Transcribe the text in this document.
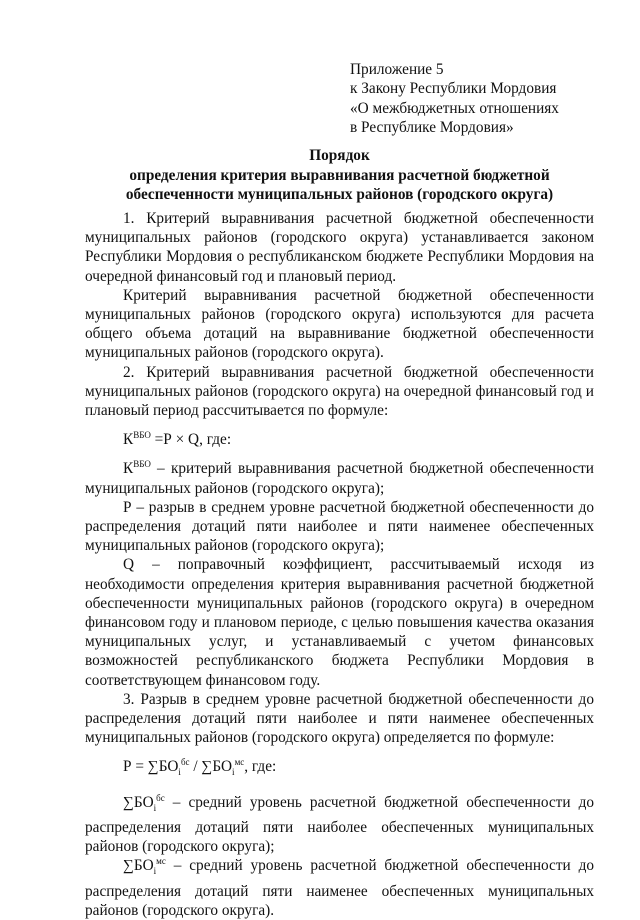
Приложение 5
к Закону Республики Мордовия
«О межбюджетных отношениях
в Республике Мордовия»
Порядок
определения критерия выравнивания расчетной бюджетной
обеспеченности муниципальных районов (городского округа)

1. Критерий выравнивания расчетной бюджетной обеспеченности муниципальных районов (городского округа) устанавливается законом Республики Мордовия о республиканском бюджете Республики Мордовия на очередной финансовый год и плановый период.

Критерий выравнивания расчетной бюджетной обеспеченности муниципальных районов (городского округа) используются для расчета общего объема дотаций на выравнивание бюджетной обеспеченности муниципальных районов (городского округа).

2. Критерий выравнивания расчетной бюджетной обеспеченности муниципальных районов (городского округа) на очередной финансовый год и плановый период рассчитывается по формуле:

$К^{ВБО} =Р \times Q$, где:

$К^{ВБО}$ – критерий выравнивания расчетной бюджетной обеспеченности муниципальных районов (городского округа);

Р – разрыв в среднем уровне расчетной бюджетной обеспеченности до распределения дотаций пяти наиболее и пяти наименее обеспеченных муниципальных районов (городского округа);

Q – поправочный коэффициент, рассчитываемый исходя из необходимости определения критерия выравнивания расчетной бюджетной обеспеченности муниципальных районов (городского округа) в очередном финансовом году и плановом периоде, с целью повышения качества оказания муниципальных услуг, и устанавливаемый с учетом финансовых возможностей республиканского бюджета Республики Мордовия в соответствующем финансовом году.

3. Разрыв в среднем уровне расчетной бюджетной обеспеченности до распределения дотаций пяти наиболее и пяти наименее обеспеченных муниципальных районов (городского округа) определяется по формуле:

$Р = \sum БО_i^{бс} / \sum БО_i^{мс}$, где:

$\sum БО_i^{бс}$ – средний уровень расчетной бюджетной обеспеченности до распределения дотаций пяти наиболее обеспеченных муниципальных районов (городского округа);

$\sum БО_i^{мс}$ – средний уровень расчетной бюджетной обеспеченности до распределения дотаций пяти наименее обеспеченных муниципальных районов (городского округа).
